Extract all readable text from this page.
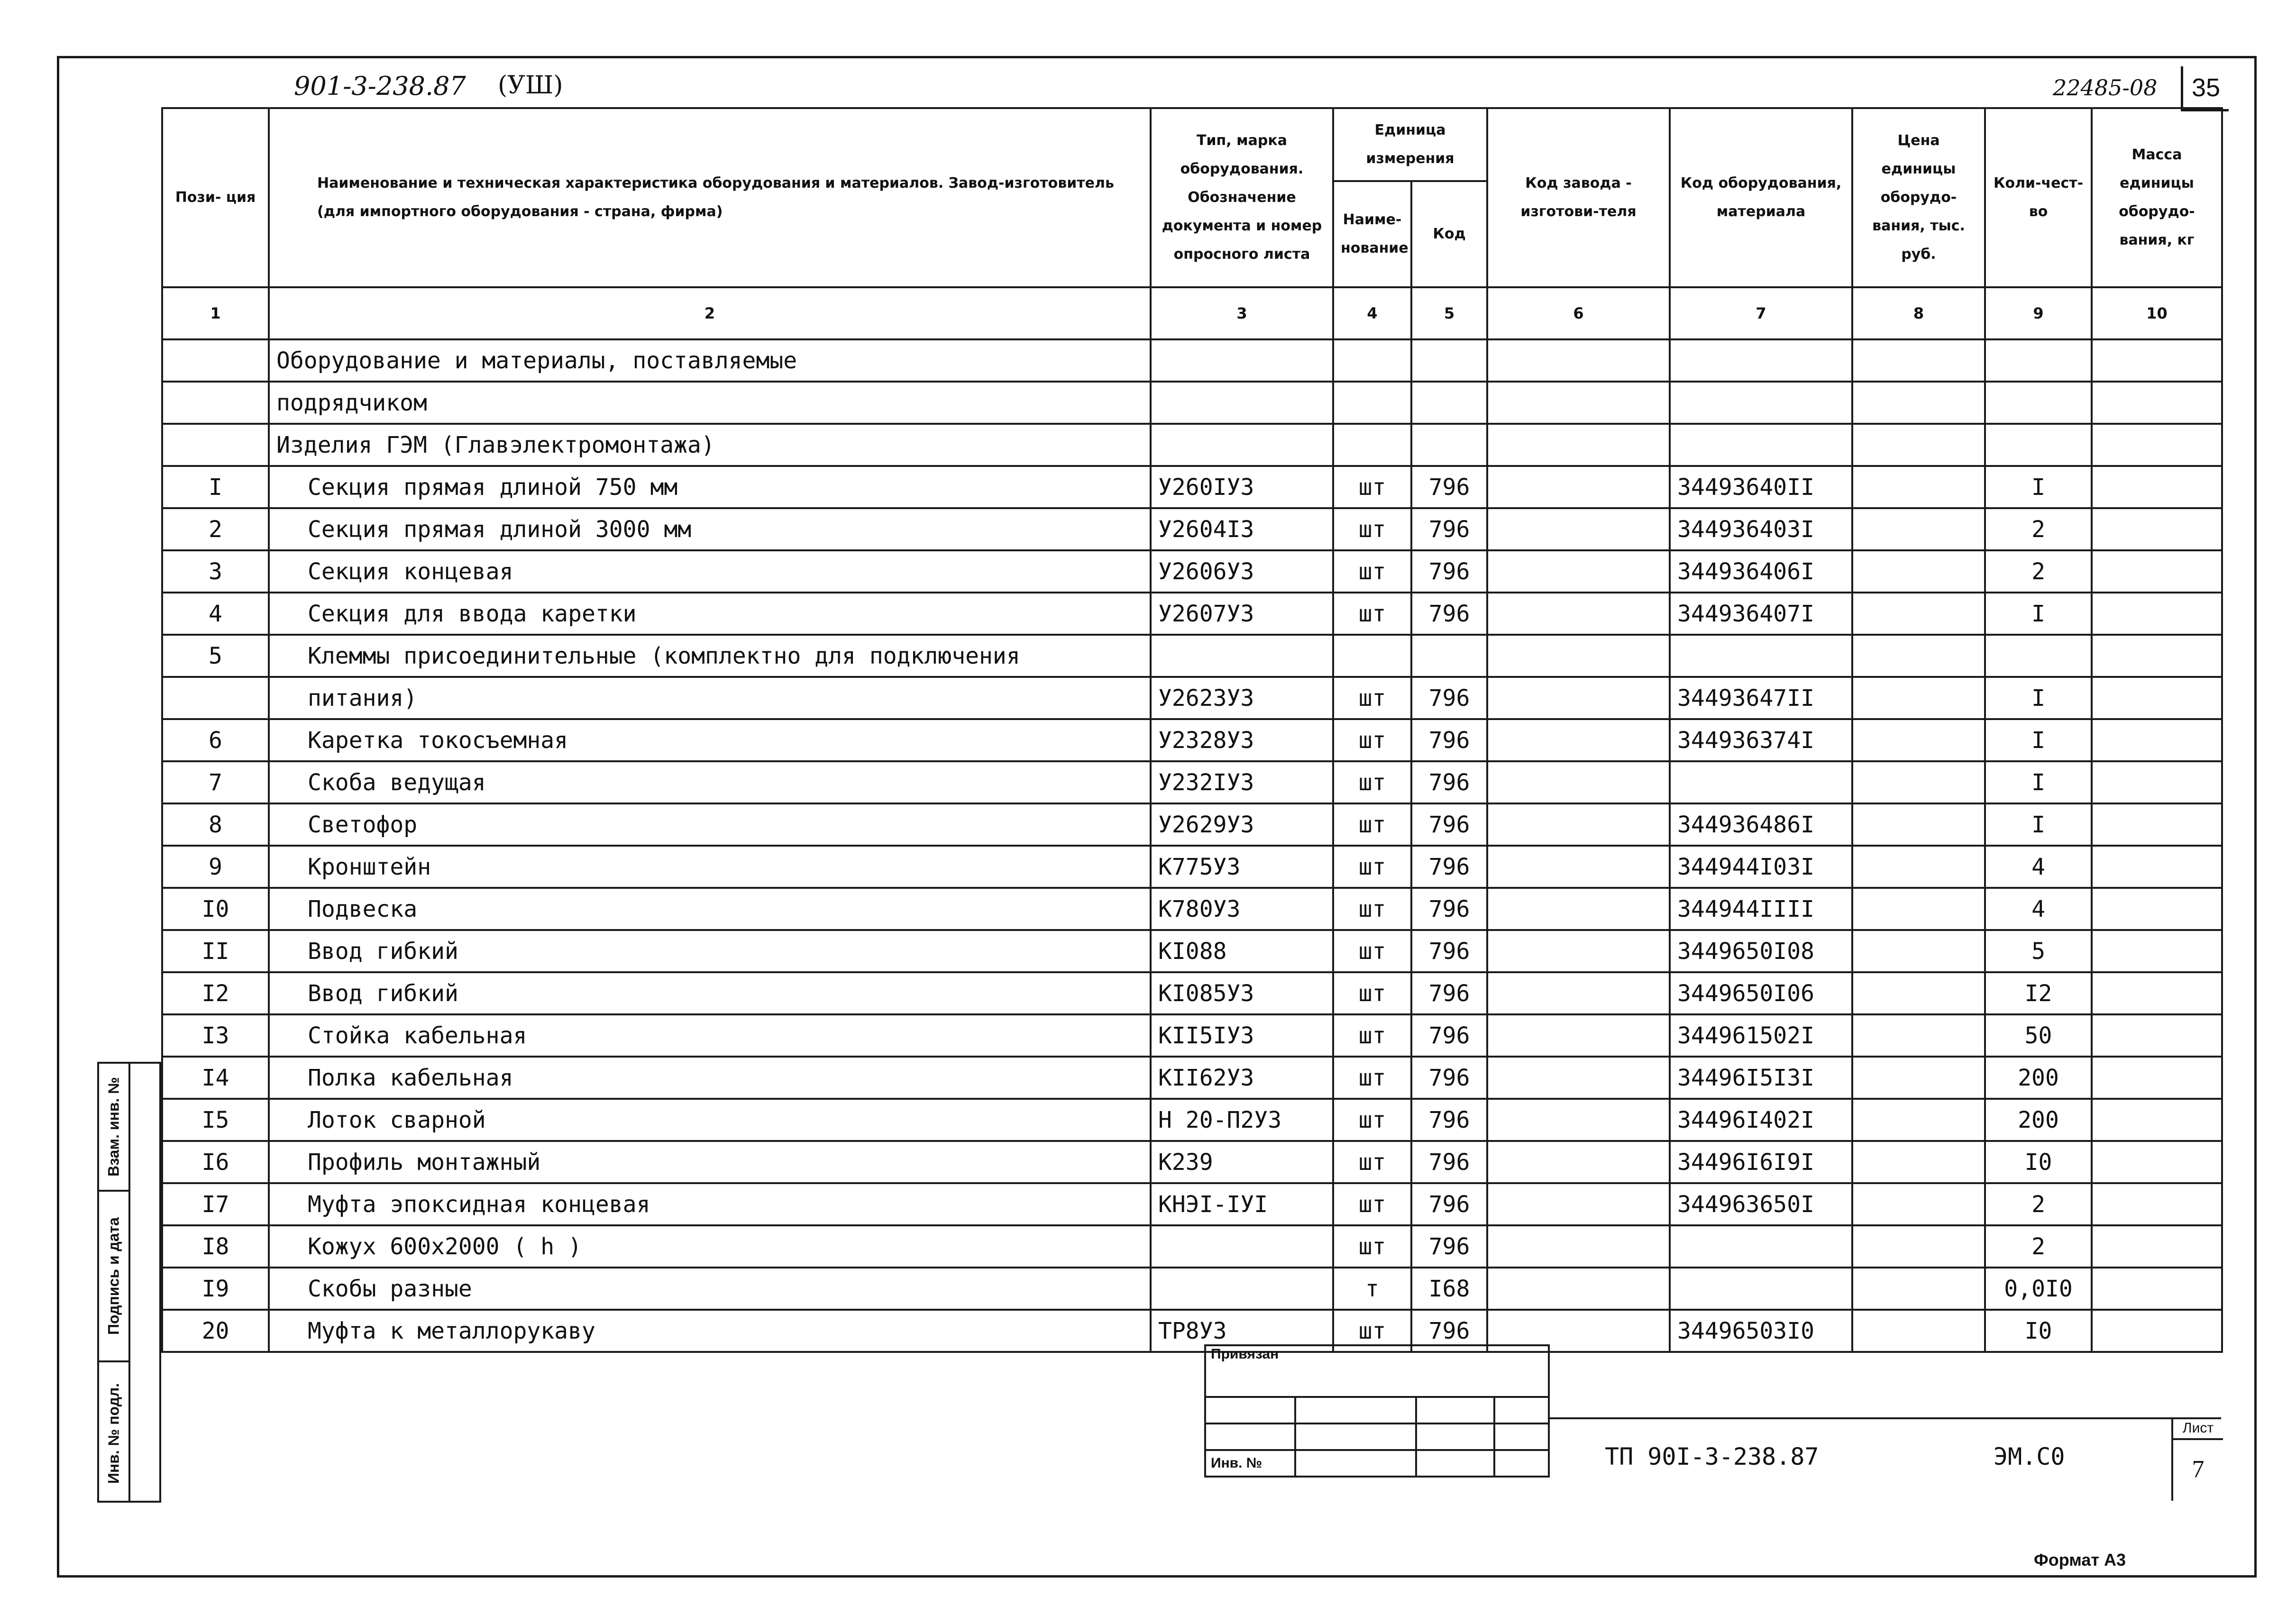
901-3-238.87 (УШ)	22485-08	35
Пози- ция	Наименование и техническая характеристика оборудования и материалов. Завод-изготовитель (для импортного оборудования - страна, фирма)	Тип, марка оборудования. Обозначение документа и номер опросного листа	Единица измерения		Код завода - изготови-теля	Код оборудования, материала	Цена единицы оборудо-вания, тыс. руб.	Коли-чест-во	Масса единицы оборудо-вания, кг
			Наиме-нование	Код					
1	2	3	4	5	6	7	8	9	10
	Оборудование и материалы, поставляемые								
	подрядчиком								
	Изделия ГЭМ (Главэлектромонтажа)								
I	Секция прямая длиной 750 мм	У260IУ3	шт	796		34493640II		I	
2	Секция прямая длиной 3000 мм	У2604I3	шт	796		344936403I		2	
3	Секция концевая	У2606У3	шт	796		344936406I		2	
4	Секция для ввода каретки	У2607У3	шт	796		344936407I		I	
5	Клеммы присоединительные (комплектно для подключения								
	питания)	У2623У3	шт	796		34493647II		I	
6	Каретка токосъемная	У2328У3	шт	796		344936374I		I	
7	Скоба ведущая	У232IУ3	шт	796				I	
8	Светофор	У2629У3	шт	796		344936486I		I	
9	Кронштейн	К775У3	шт	796		344944I03I		4	
I0	Подвеска	К780У3	шт	796		344944IIII		4	
II	Ввод гибкий	КI088	шт	796		3449650I08		5	
I2	Ввод гибкий	КI085У3	шт	796		3449650I06		I2	
I3	Стойка кабельная	КII5IУ3	шт	796		344961502I		50	
I4	Полка кабельная	КII62У3	шт	796		34496I5I3I		200	
I5	Лоток сварной	Н 20-П2У3	шт	796		34496I402I		200	
I6	Профиль монтажный	К239	шт	796		34496I6I9I		I0	
I7	Муфта эпоксидная концевая	КНЭI-IУI	шт	796		344963650I		2	
I8	Кожух 600x2000 ( h )		шт	796				2	
I9	Скобы разные		т	I68				0,0I0	
20	Муфта к металлорукаву	ТР8У3	шт	796		34496503I0		I0	
Привязан			

Инв. №				ТП 90I-3-238.87	ЭМ.С0
Лист
7
Взам. инв. №
Подпись и дата
Инв. № подл.
Формат А3
